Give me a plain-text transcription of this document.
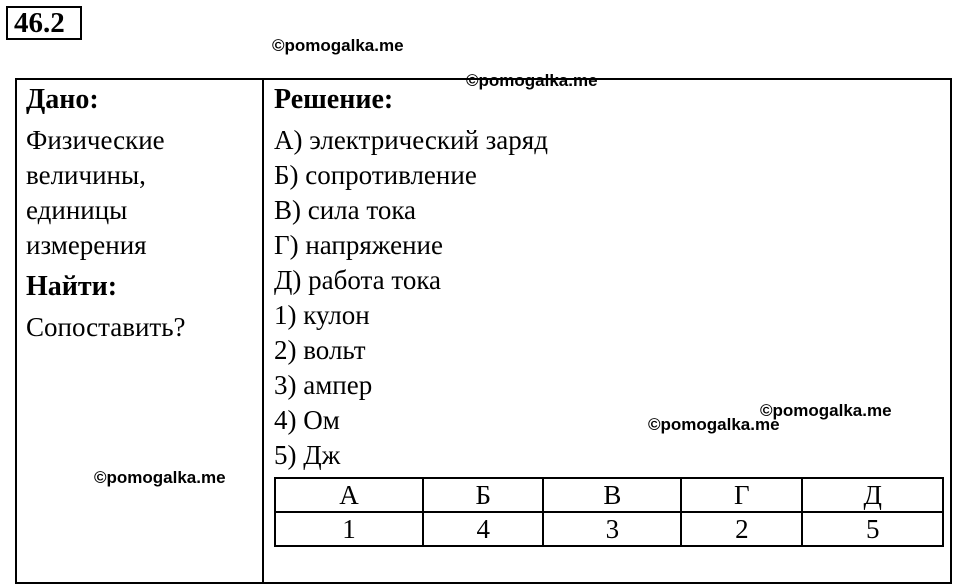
46.2
©pomogalka.me
©pomogalka.me
©pomogalka.me
©pomogalka.me
©pomogalka.me
Дано:
Физические
величины,
единицы
измерения
Найти:
Сопоставить?
Решение:
А) электрический заряд
Б) сопротивление
В) сила тока
Г) напряжение
Д) работа тока
1) кулон
2) вольт
3) ампер
4) Ом
5) Дж
А	Б	В	Г	Д
1	4	3	2	5
